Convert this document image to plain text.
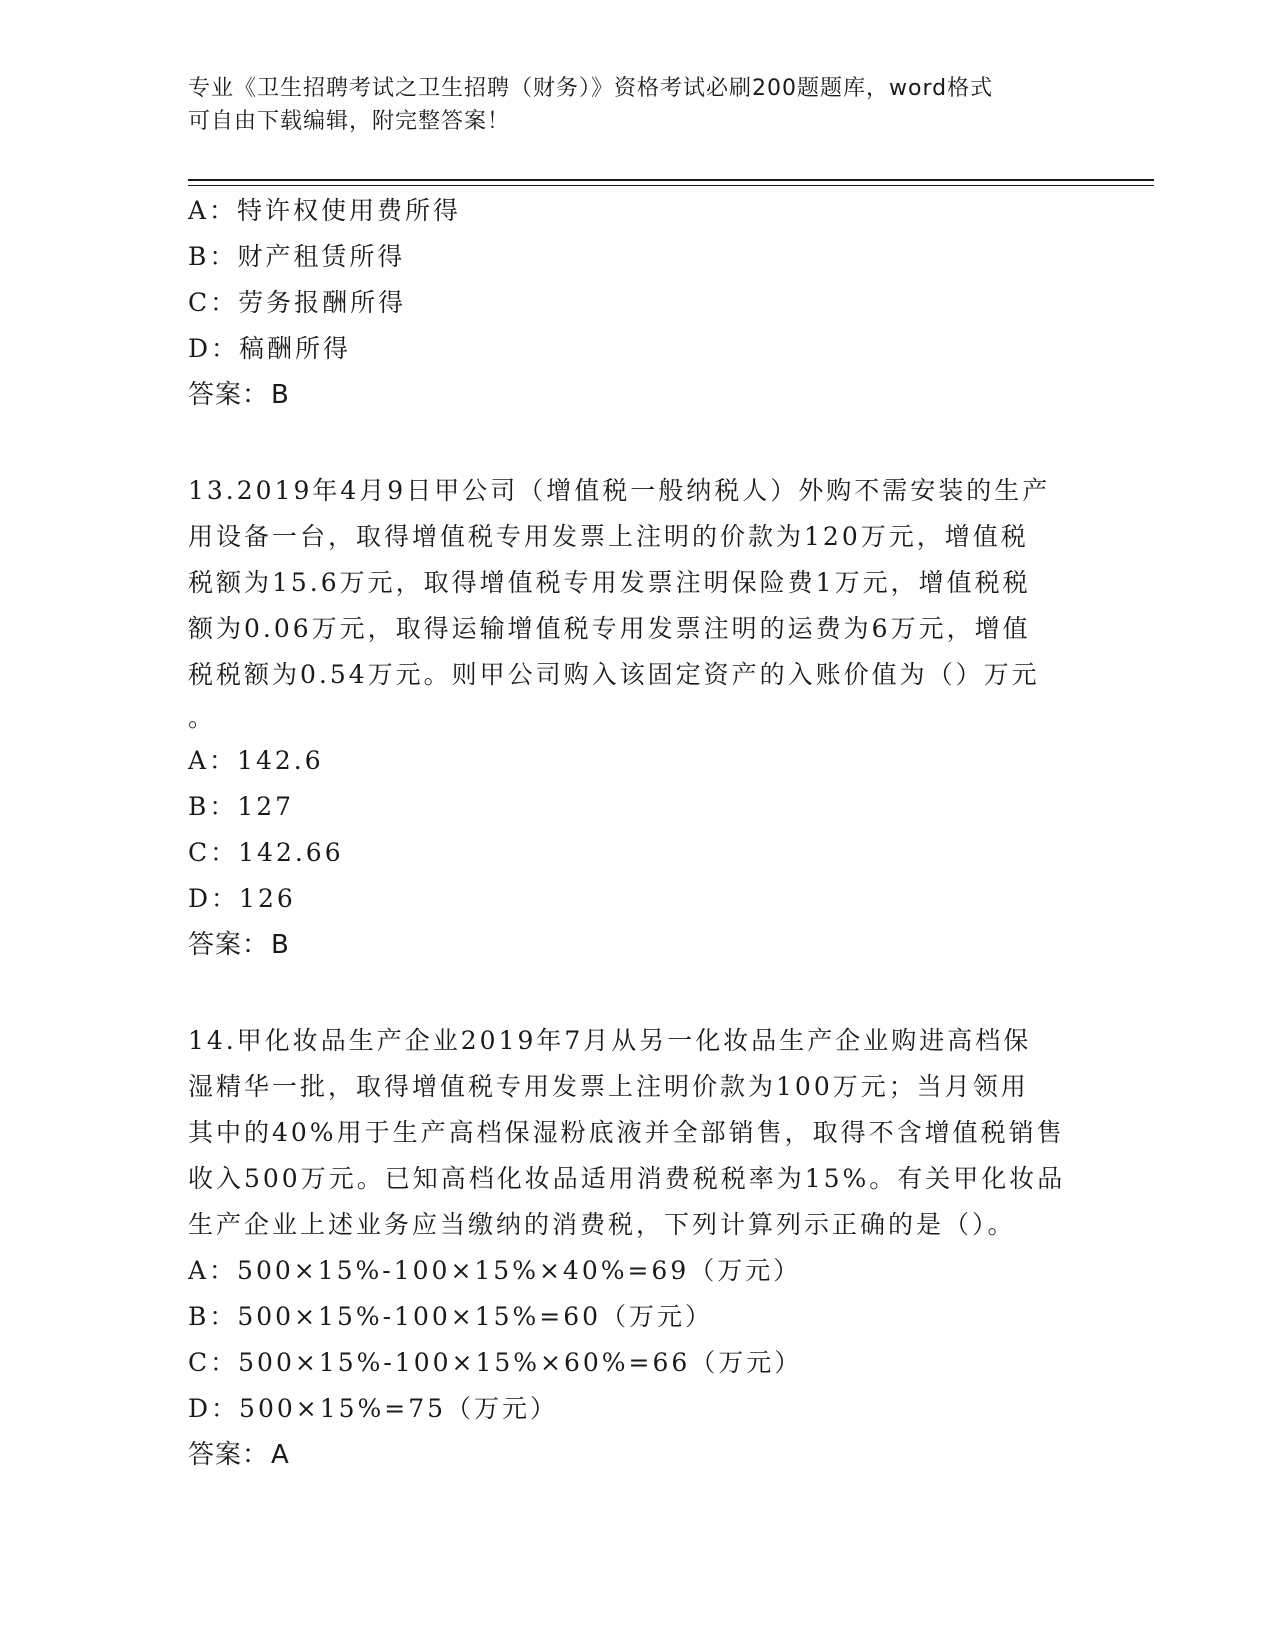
专业《卫生招聘考试之卫生招聘（财务）》资格考试必刷200题题库，word格式
可自由下载编辑，附完整答案！
A：特许权使用费所得
B：财产租赁所得
C：劳务报酬所得
D：稿酬所得
答案：B
13.2019年4月9日甲公司（增值税一般纳税人）外购不需安装的生产
用设备一台，取得增值税专用发票上注明的价款为120万元，增值税
税额为15.6万元，取得增值税专用发票注明保险费1万元，增值税税
额为0.06万元，取得运输增值税专用发票注明的运费为6万元，增值
税税额为0.54万元。则甲公司购入该固定资产的入账价值为（）万元
。
A：142.6
B：127
C：142.66
D：126
答案：B
14.甲化妆品生产企业2019年7月从另一化妆品生产企业购进高档保
湿精华一批，取得增值税专用发票上注明价款为100万元；当月领用
其中的40%用于生产高档保湿粉底液并全部销售，取得不含增值税销售
收入500万元。已知高档化妆品适用消费税税率为15%。有关甲化妆品
生产企业上述业务应当缴纳的消费税，下列计算列示正确的是（）。
A：500×15%-100×15%×40%=69（万元）
B：500×15%-100×15%=60（万元）
C：500×15%-100×15%×60%=66（万元）
D：500×15%=75（万元）
答案：A
